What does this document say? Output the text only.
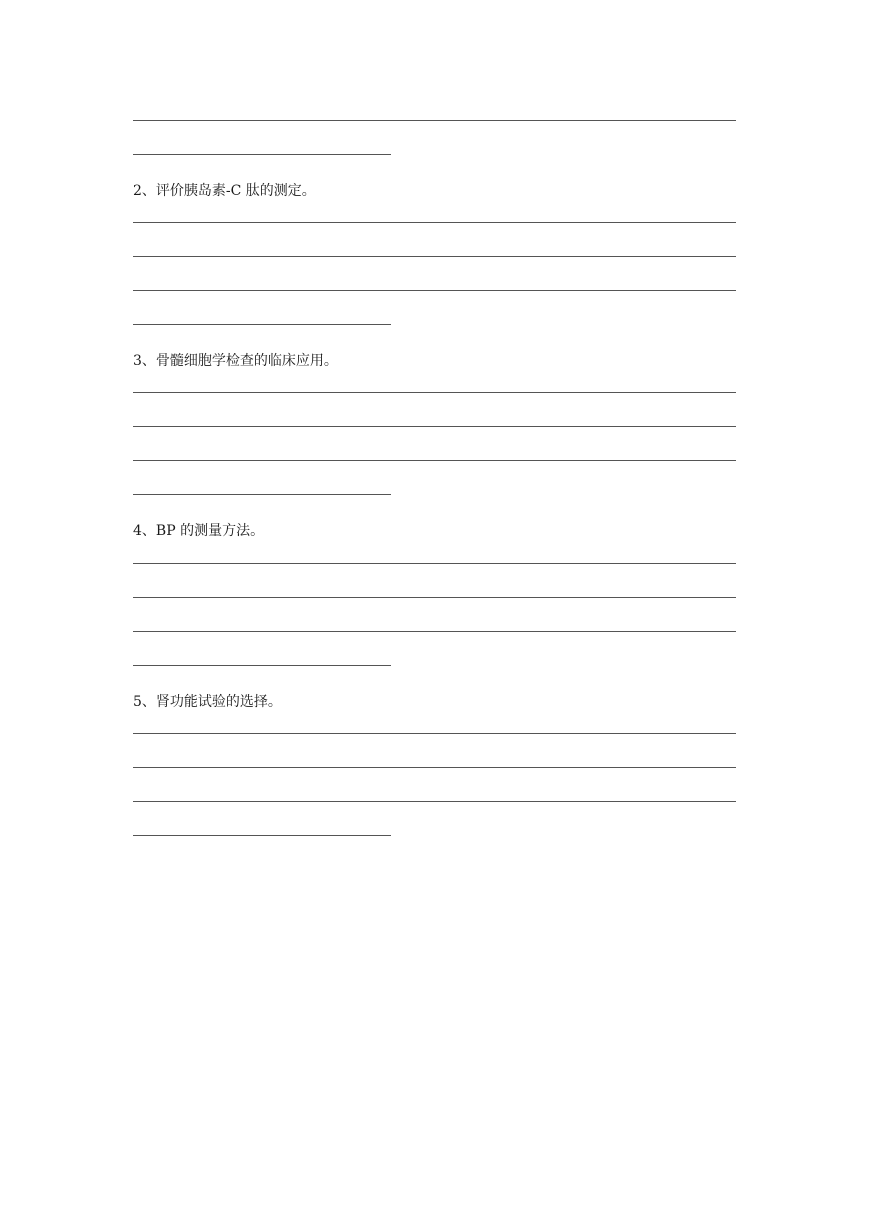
2、评价胰岛素-C 肽的测定。
3、骨髓细胞学检查的临床应用。
4、BP 的测量方法。
5、肾功能试验的选择。
